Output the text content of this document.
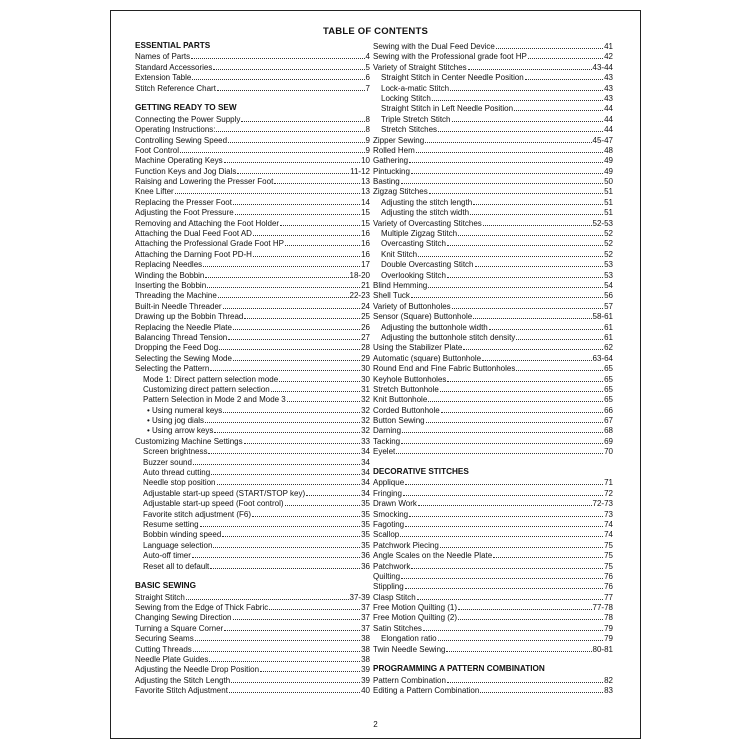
TABLE OF CONTENTS
ESSENTIAL PARTS
Names of Parts	4
Standard Accessories	5
Extension Table	6
Stitch Reference Chart	7
GETTING READY TO SEW
Connecting the Power Supply	8
Operating Instructions:	8
Controlling Sewing Speed	9
Foot Control	9
Machine Operating Keys	10
Function Keys and Jog Dials	11-12
Raising and Lowering the Presser Foot	13
Knee Lifter	13
Replacing the Presser Foot	14
Adjusting the Foot Pressure	15
Removing and Attaching the Foot Holder	15
Attaching the Dual Feed Foot AD	16
Attaching the Professional Grade Foot HP	16
Attaching the Darning Foot PD-H	16
Replacing Needles	17
Winding the Bobbin	18-20
Inserting the Bobbin	21
Threading the Machine	22-23
Built-in Needle Threader	24
Drawing up the Bobbin Thread	25
Replacing the Needle Plate	26
Balancing Thread Tension	27
Dropping the Feed Dog	28
Selecting the Sewing Mode	29
Selecting the Pattern	30
Mode 1: Direct pattern selection mode	30
Customizing direct pattern selection	31
Pattern Selection in Mode 2 and Mode 3	32
• Using numeral keys	32
• Using jog dials	32
• Using arrow keys	32
Customizing Machine Settings	33
Screen brightness	34
Buzzer sound	34
Auto thread cutting	34
Needle stop position	34
Adjustable start-up speed (START/STOP key)	34
Adjustable start-up speed (Foot control)	35
Favorite stitch adjustment (F6)	35
Resume setting	35
Bobbin winding speed	35
Language selection	35
Auto-off timer	36
Reset all to default	36
BASIC SEWING
Straight Stitch	37-39
Sewing from the Edge of Thick Fabric	37
Changing Sewing Direction	37
Turning a Square Corner	37
Securing Seams	38
Cutting Threads	38
Needle Plate Guides	38
Adjusting the Needle Drop Position	39
Adjusting the Stitch Length	39
Favorite Stitch Adjustment	40
Sewing with the Dual Feed Device	41
Sewing with the Professional grade foot HP	42
Variety of Straight Stitches	43-44
Straight Stitch in Center Needle Position	43
Lock-a-matic Stitch	43
Locking Stitch	43
Straight Stitch in Left Needle Position	44
Triple Stretch Stitch	44
Stretch Stitches	44
Zipper Sewing	45-47
Rolled Hem	48
Gathering	49
Pintucking	49
Basting	50
Zigzag Stitches	51
Adjusting the stitch length	51
Adjusting the stitch width	51
Variety of Overcasting Stitches	52-53
Multiple Zigzag Stitch	52
Overcasting Stitch	52
Knit Stitch	52
Double Overcasting Stitch	53
Overlooking Stitch	53
Blind Hemming	54
Shell Tuck	56
Variety of Buttonholes	57
Sensor (Square) Buttonhole	58-61
Adjusting the buttonhole width	61
Adjusting the buttonhole stitch density	61
Using the Stabilizer Plate	62
Automatic (square) Buttonhole	63-64
Round End and Fine Fabric Buttonholes	65
Keyhole Buttonholes	65
Stretch Buttonhole	65
Knit Buttonhole	65
Corded Buttonhole	66
Button Sewing	67
Darning	68
Tacking	69
Eyelet	70
DECORATIVE STITCHES
Applique	71
Fringing	72
Drawn Work	72-73
Smocking	73
Fagoting	74
Scallop	74
Patchwork Piecing	75
Angle Scales on the Needle Plate	75
Patchwork	75
Quilting	76
Stippling	76
Clasp Stitch	77
Free Motion Quilting (1)	77-78
Free Motion Quilting (2)	78
Satin Stitches	79
Elongation ratio	79
Twin Needle Sewing	80-81
PROGRAMMING A PATTERN COMBINATION
Pattern Combination	82
Editing a Pattern Combination	83
2
